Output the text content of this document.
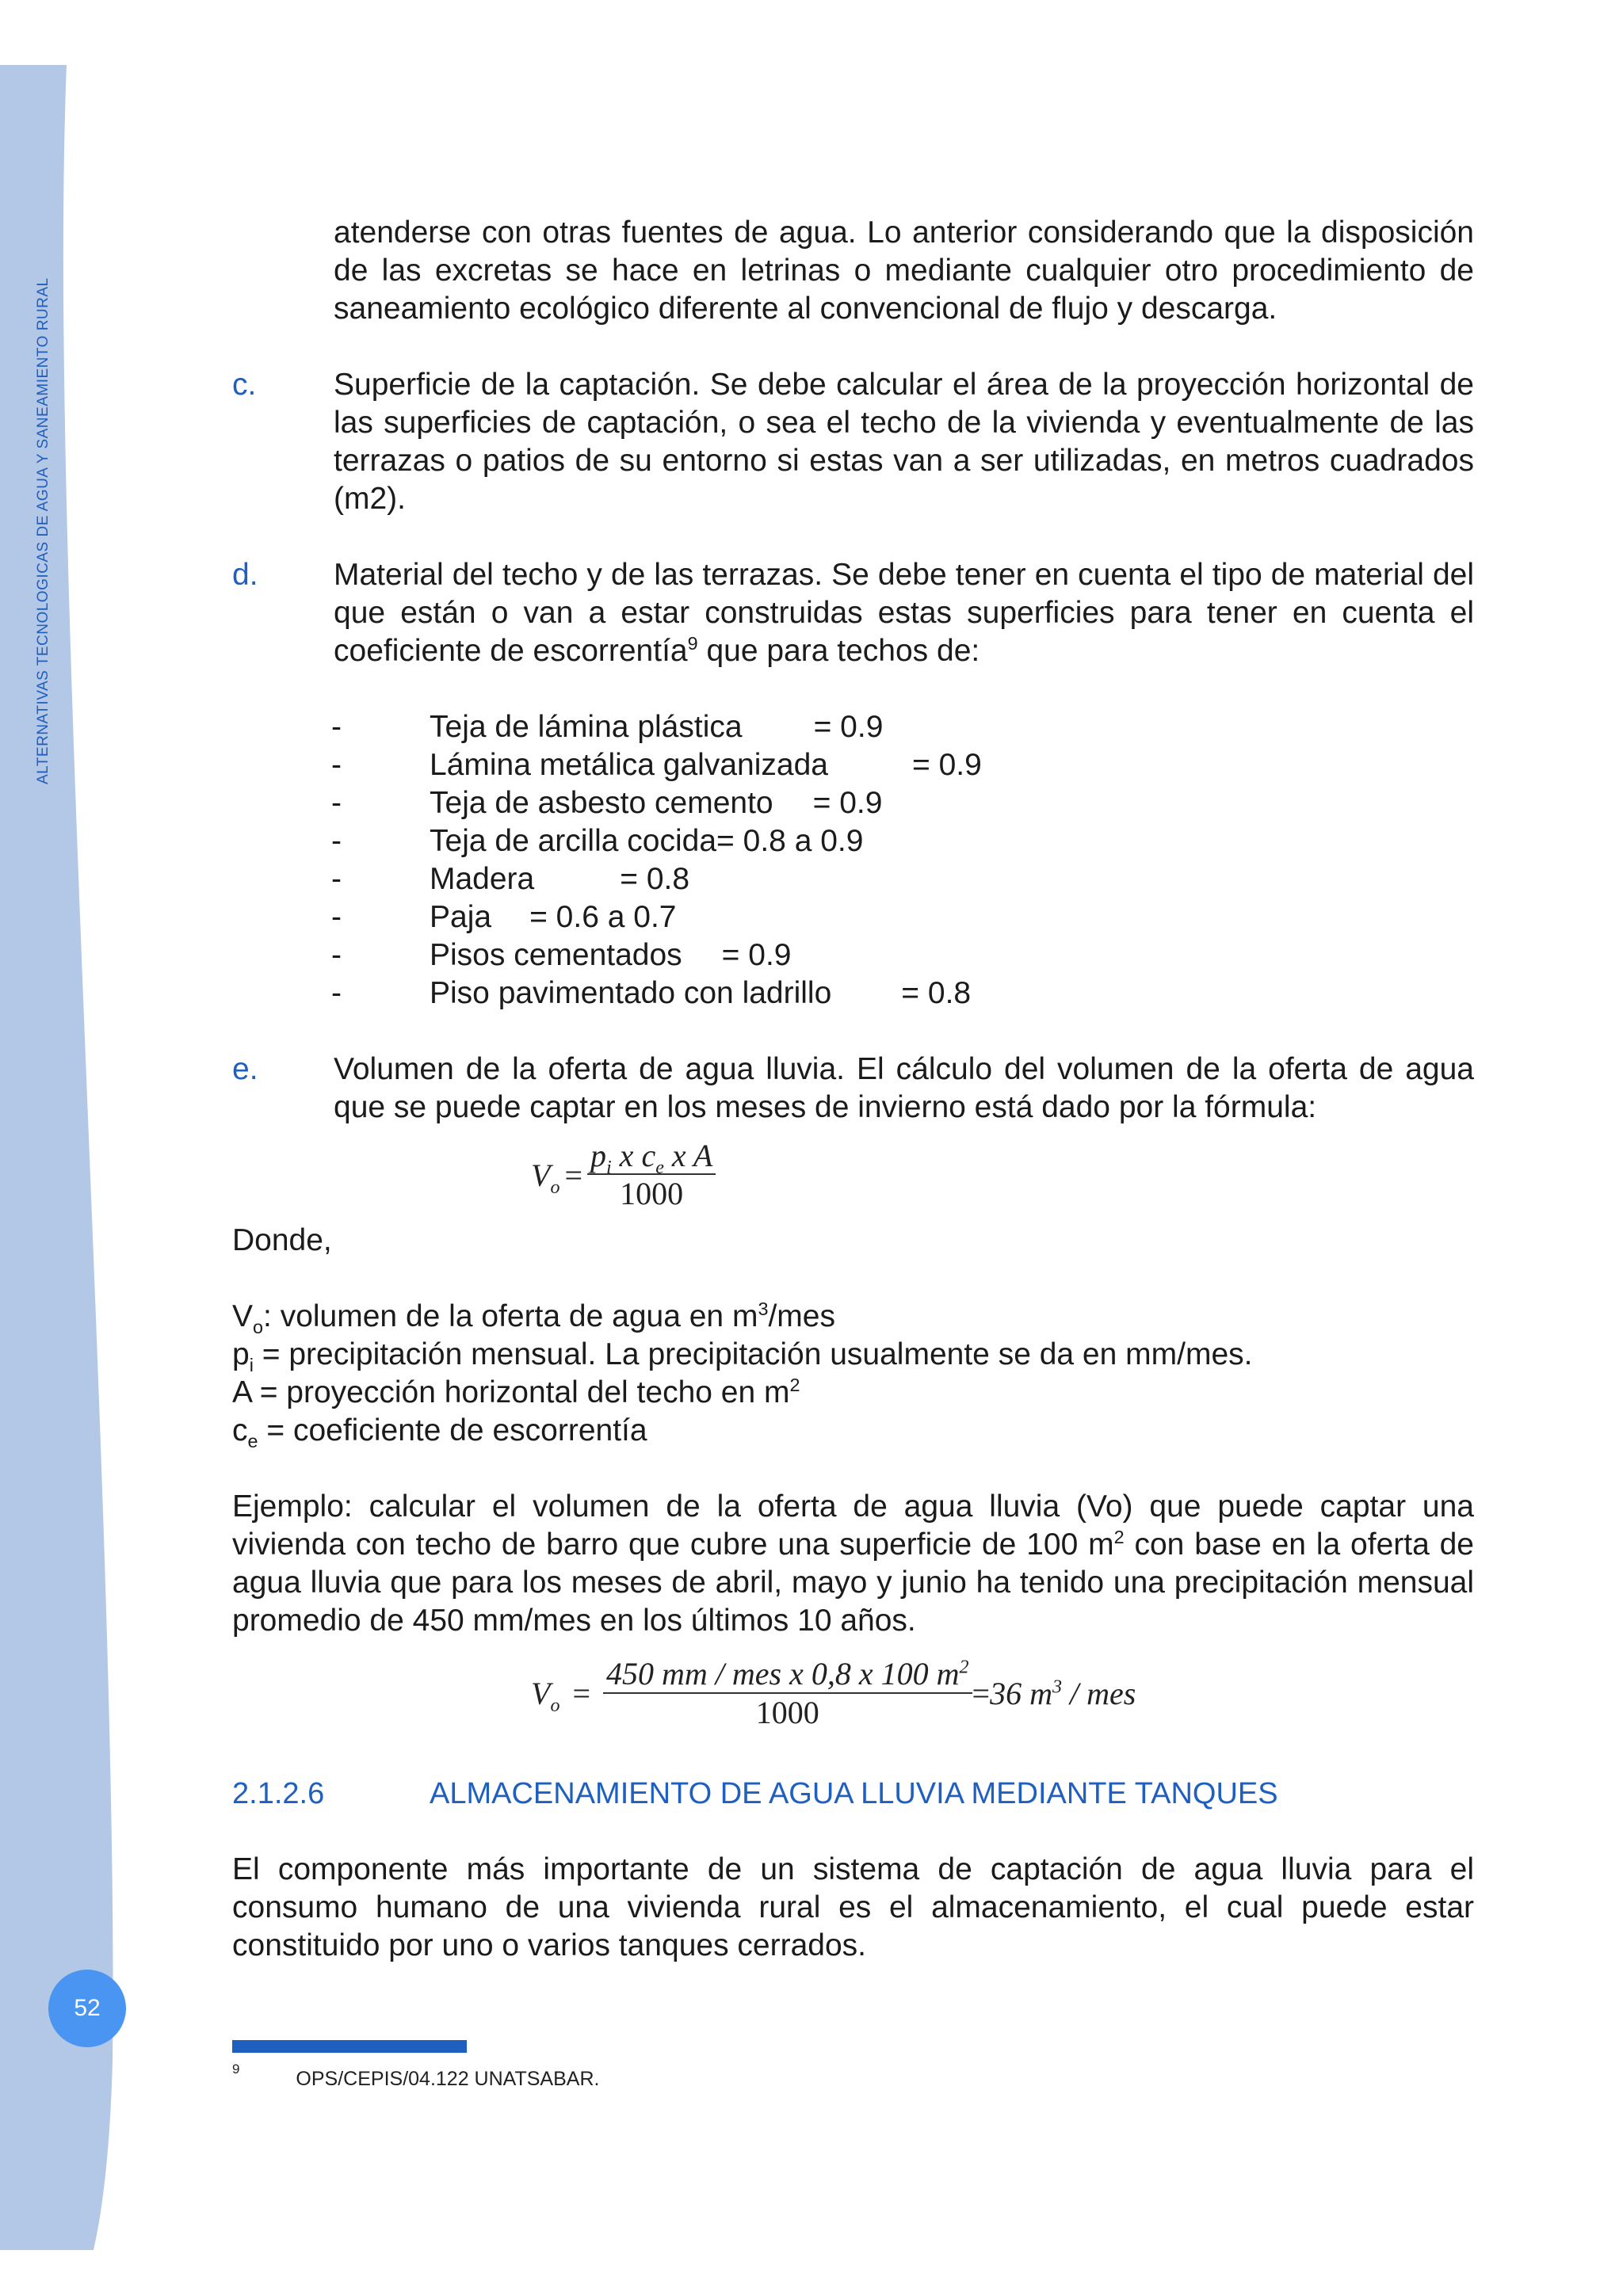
ALTERNATIVAS TECNOLOGICAS DE AGUA Y SANEAMIENTO RURAL
52

atenderse con otras fuentes de agua. Lo anterior considerando que la disposición de las excretas se hace en letrinas o mediante cualquier otro procedimiento de saneamiento ecológico diferente al convencional de flujo y descarga.

c.	Superficie de la captación. Se debe calcular el área de la proyección horizontal de las superficies de captación, o sea el techo de la vivienda y eventualmente de las terrazas o patios de su entorno si estas van a ser utilizadas, en metros cuadrados (m2).
d. Material del techo y de las terrazas. Se debe tener en cuenta el tipo de material del que están o van a estar construidas estas superficies para tener en cuenta el coeficiente de escorrentía$^9$ que para techos de:
-	Teja de lámina plástica = 0.9
-	Lámina metálica galvanizada	= 0.9
-	Teja de asbesto cemento = 0.9
-	Teja de arcilla cocida= 0.8 a 0.9
-	Madera	= 0.8
-	Paja = 0.6 a 0.7
-	Pisos cementados = 0.9
-	Piso pavimentado con ladrillo = 0.8
e. Volumen de la oferta de agua lluvia. El cálculo del volumen de la oferta de agua que se puede captar en los meses de invierno está dado por la fórmula:
$V_o$ =
$p_i$ x $c_e$ x A
1000

Donde,

$V_o$: volumen de la oferta de agua en $m^3$/mes

$p_i$ = precipitación mensual. La precipitación usualmente se da en mm/mes.

A = proyección horizontal del techo en $m^2$

$c_e$ = coeficiente de escorrentía

Ejemplo: calcular el volumen de la oferta de agua lluvia (Vo) que puede captar una vivienda con techo de barro que cubre una superficie de 100 $m^2$ con base en la oferta de agua lluvia que para los meses de abril, mayo y junio ha tenido una precipitación mensual promedio de 450 mm/mes en los últimos 10 años.

$V_o$ =
450 mm / mes x 0,8 x 100 $m^2$
1000
=36 $m^3$ / mes
2.1.2.6	ALMACENAMIENTO DE AGUA LLUVIA MEDIANTE TANQUES

El componente más importante de un sistema de captación de agua lluvia para el consumo humano de una vivienda rural es el almacenamiento, el cual puede estar constituido por uno o varios tanques cerrados.

$^9$	OPS/CEPIS/04.122 UNATSABAR.
